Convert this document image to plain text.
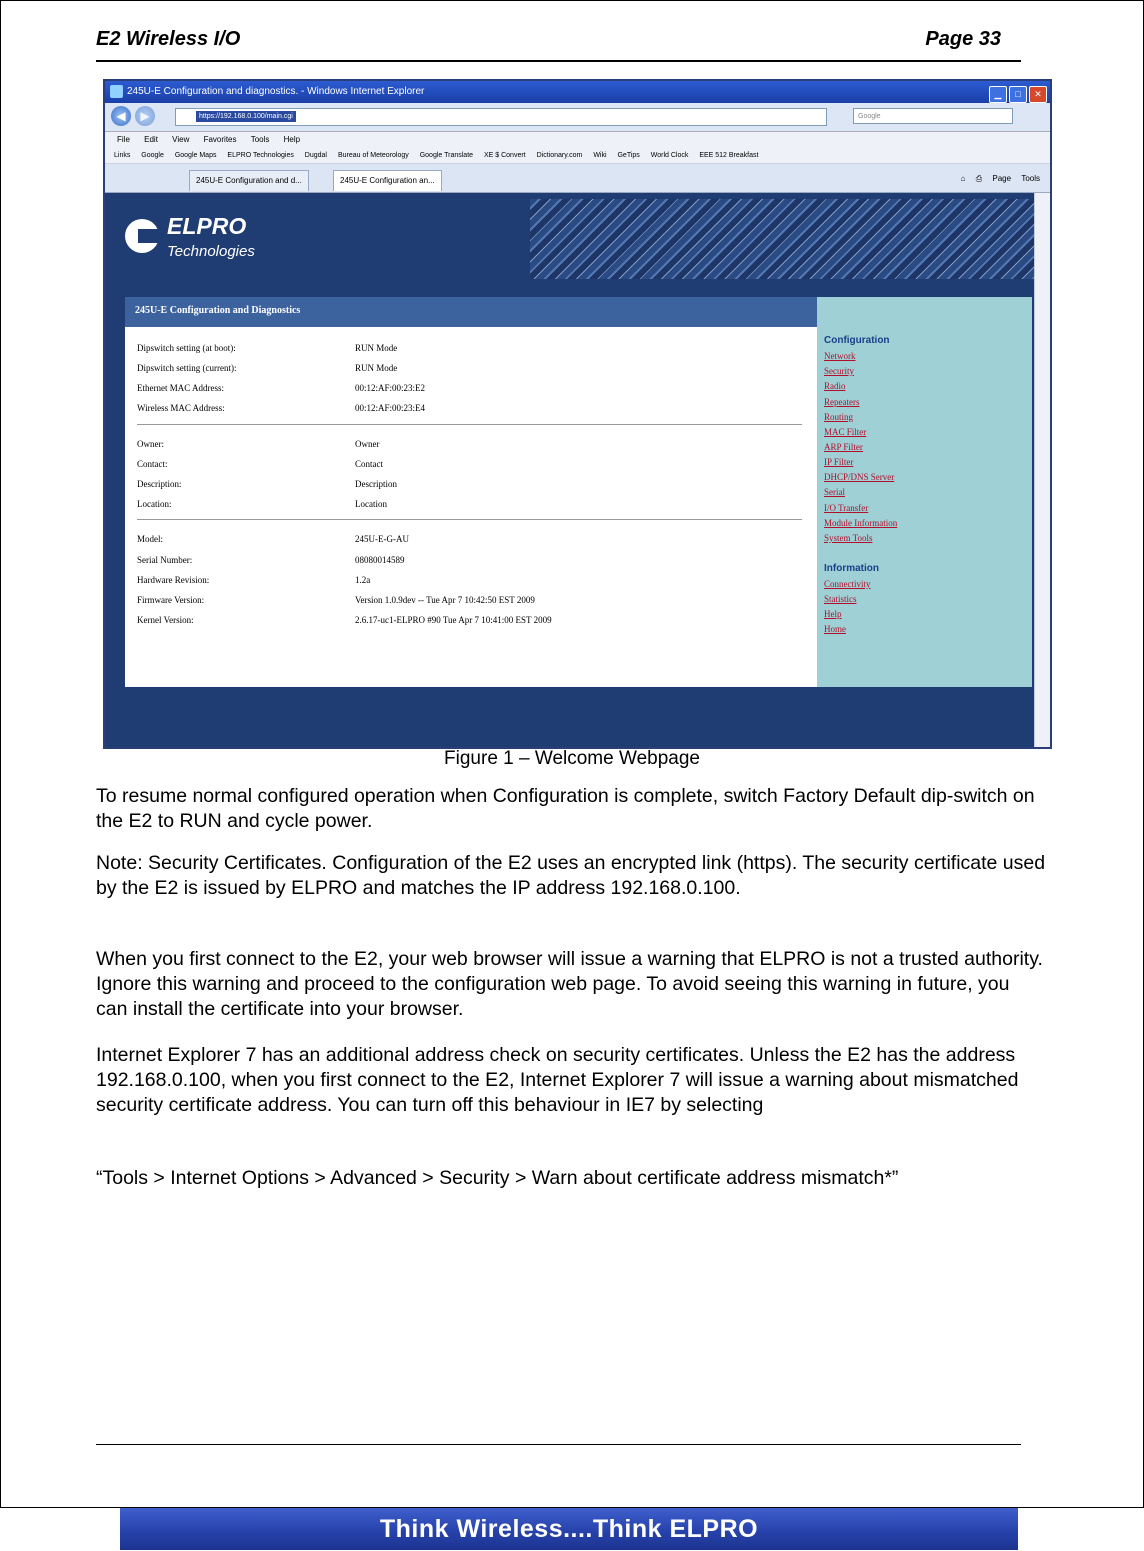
E2 Wireless I/O	Page 33
245U-E Configuration and diagnostics. - Windows Internet Explorer	▁ □ ✕
◀	▶	https://192.168.0.100/main.cgi	Google
File Edit View Favorites Tools Help
Links Google Google Maps ELPRO Technologies Dugdal Bureau of Meteorology Google Translate XE $ Convert Dictionary.com Wiki GeTips World Clock EEE 512 Breakfast
245U-E Configuration and d...	245U-E Configuration an...	⌂ ⎙ Page Tools
ELPRO
Technologies
245U-E Configuration and Diagnostics
Dipswitch setting (at boot):	RUN Mode
Dipswitch setting (current):	RUN Mode
Ethernet MAC Address:	00:12:AF:00:23:E2
Wireless MAC Address:	00:12:AF:00:23:E4
Owner:	Owner
Contact:	Contact
Description:	Description
Location:	Location
Model:	245U-E-G-AU
Serial Number:	08080014589
Hardware Revision:	1.2a
Firmware Version:	Version 1.0.9dev -- Tue Apr 7 10:42:50 EST 2009
Kernel Version:	2.6.17-uc1-ELPRO #90 Tue Apr 7 10:41:00 EST 2009
Configuration
Network
Security
Radio
Repeaters
Routing
MAC Filter
ARP Filter
IP Filter
DHCP/DNS Server
Serial
I/O Transfer
Module Information
System Tools
Information
Connectivity
Statistics
Help
Home
Figure 1 – Welcome Webpage
To resume normal configured operation when Configuration is complete, switch Factory Default dip-switch on the E2 to RUN and cycle power.
Note: Security Certificates. Configuration of the E2 uses an encrypted link (https). The security certificate used by the E2 is issued by ELPRO and matches the IP address 192.168.0.100.
When you first connect to the E2, your web browser will issue a warning that ELPRO is not a trusted authority. Ignore this warning and proceed to the configuration web page. To avoid seeing this warning in future, you can install the certificate into your browser.
Internet Explorer 7 has an additional address check on security certificates. Unless the E2 has the address 192.168.0.100, when you first connect to the E2, Internet Explorer 7 will issue a warning about mismatched security certificate address. You can turn off this behaviour in IE7 by selecting
“Tools > Internet Options > Advanced > Security > Warn about certificate address mismatch*”
Think Wireless....Think ELPRO
